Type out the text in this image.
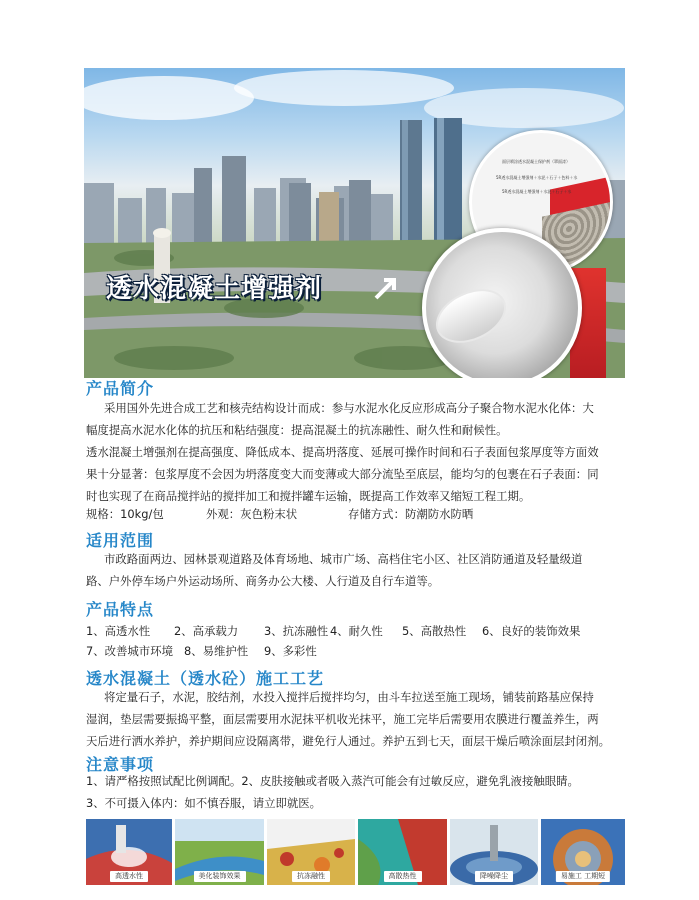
透水混凝土增强剂
面层喷涂透水混凝土保护剂（罩面漆）
5R透水混凝土增强剂＋水泥＋石子＋色料＋水
5R透水混凝土增强剂＋水泥＋石子＋水
产品简介
采用国外先进合成工艺和核壳结构设计而成：参与水泥水化反应形成高分子聚合物水泥水化体：大
幅度提高水泥水化体的抗压和粘结强度：提高混凝土的抗冻融性、耐久性和耐候性。
透水混凝土增强剂在提高强度、降低成本、提高坍落度、延展可操作时间和石子表面包浆厚度等方面效
果十分显著：包浆厚度不会因为坍落度变大而变薄或大部分流坠至底层，能均匀的包裹在石子表面：同
时也实现了在商品搅拌站的搅拌加工和搅拌罐车运输，既提高工作效率又缩短工程工期。
规格：10kg/包	外观：灰色粉末状	存储方式：防潮防水防晒
适用范围
市政路面两边、园林景观道路及体育场地、城市广场、高档住宅小区、社区消防通道及轻量级道
路、户外停车场户外运动场所、商务办公大楼、人行道及自行车道等。
产品特点
1、高透水性 2、高承载力 3、抗冻融性 4、耐久性 5、高散热性 6、良好的装饰效果
7、改善城市环境 8、易维护性 9、多彩性
透水混凝土（透水砼）施工工艺
将定量石子，水泥，胶结剂，水投入搅拌后搅拌均匀，由斗车拉送至施工现场，铺装前路基应保持
湿润，垫层需要振捣平整，面层需要用水泥抹平机收光抹平，施工完毕后需要用农膜进行覆盖养生，两
天后进行洒水养护，养护期间应设隔离带，避免行人通过。养护五到七天，面层干燥后喷涂面层封闭剂。
注意事项
1、请严格按照试配比例调配。2、皮肤接触或者吸入蒸汽可能会有过敏反应，避免乳液接触眼睛。
3、不可摄入体内：如不慎吞服，请立即就医。
高透水性	美化装饰效果	抗冻融性	高散热性	降噪降尘	易施工 工期短
